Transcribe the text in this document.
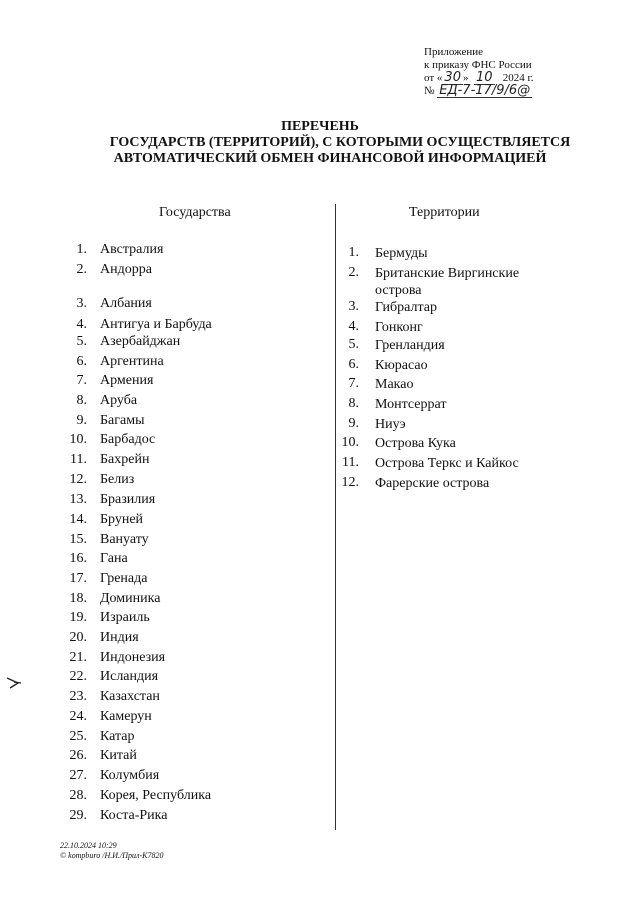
Приложение
к приказу ФНС России
от « 30 » 10 2024 г.
№ ЕД-7-17/9/6@
ПЕРЕЧЕНЬ
ГОСУДАРСТВ (ТЕРРИТОРИЙ), С КОТОРЫМИ ОСУЩЕСТВЛЯЕТСЯ
АВТОМАТИЧЕСКИЙ ОБМЕН ФИНАНСОВОЙ ИНФОРМАЦИЕЙ
Государства	Территории
1. Австралия
2. Андорра
3. Албания
4. Антигуа и Барбуда
5. Азербайджан
6. Аргентина
7. Армения
8. Аруба
9. Багамы
10. Барбадос
11. Бахрейн
12. Белиз
13. Бразилия
14. Бруней
15. Вануату
16. Гана
17. Гренада
18. Доминика
19. Израиль
20. Индия
21. Индонезия
22. Исландия
23. Казахстан
24. Камерун
25. Катар
26. Китай
27. Колумбия
28. Корея, Республика
29. Коста-Рика
1. Бермуды
2. Британские Виргинские
острова
3. Гибралтар
4. Гонконг
5. Гренландия
6. Кюрасао
7. Макао
8. Монтсеррат
9. Ниуэ
10. Острова Кука
11. Острова Теркс и Кайкос
12. Фарерские острова
22.10.2024 10:29
© kompburo /Н.И./Прил-К7820
